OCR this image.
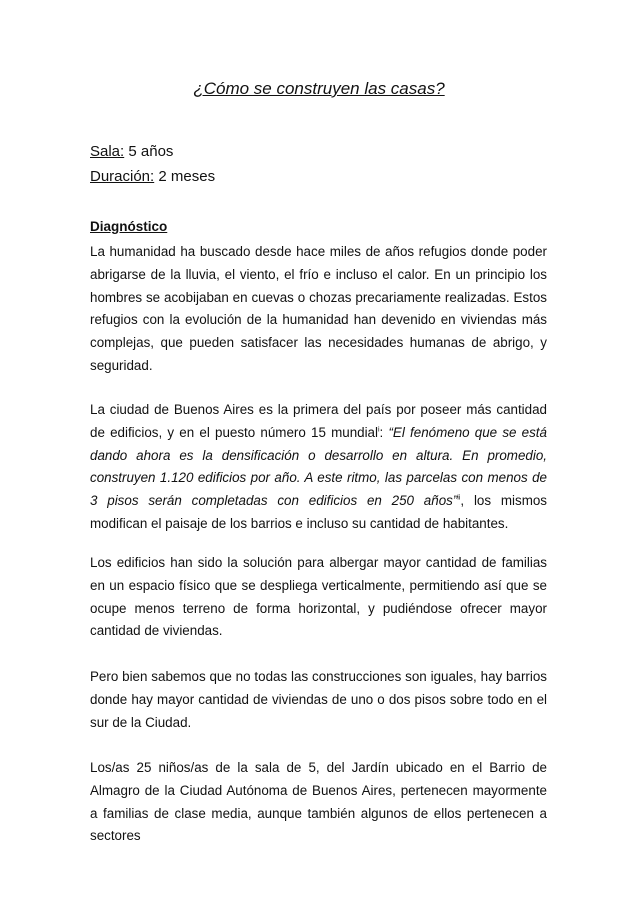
¿Cómo se construyen las casas?
Sala: 5 años
Duración: 2 meses
Diagnóstico
La humanidad ha buscado desde hace miles de años refugios donde poder abrigarse de la lluvia, el viento, el frío e incluso el calor. En un principio los hombres se acobijaban en cuevas o chozas precariamente realizadas. Estos refugios con la evolución de la humanidad han devenido en viviendas más complejas, que pueden satisfacer las necesidades humanas de abrigo, y seguridad.
La ciudad de Buenos Aires es la primera del país por poseer más cantidad de edificios, y en el puesto número 15 mundial$^i$: “El fenómeno que se está dando ahora es la densificación o desarrollo en altura. En promedio, construyen 1.120 edificios por año. A este ritmo, las parcelas con menos de 3 pisos serán completadas con edificios en 250 años”$^{ii}$, los mismos modifican el paisaje de los barrios e incluso su cantidad de habitantes.
Los edificios han sido la solución para albergar mayor cantidad de familias en un espacio físico que se despliega verticalmente, permitiendo así que se ocupe menos terreno de forma horizontal, y pudiéndose ofrecer mayor cantidad de viviendas.
Pero bien sabemos que no todas las construcciones son iguales, hay barrios donde hay mayor cantidad de viviendas de uno o dos pisos sobre todo en el sur de la Ciudad.
Los/as 25 niños/as de la sala de 5, del Jardín ubicado en el Barrio de Almagro de la Ciudad Autónoma de Buenos Aires, pertenecen mayormente a familias de clase media, aunque también algunos de ellos pertenecen a sectores
